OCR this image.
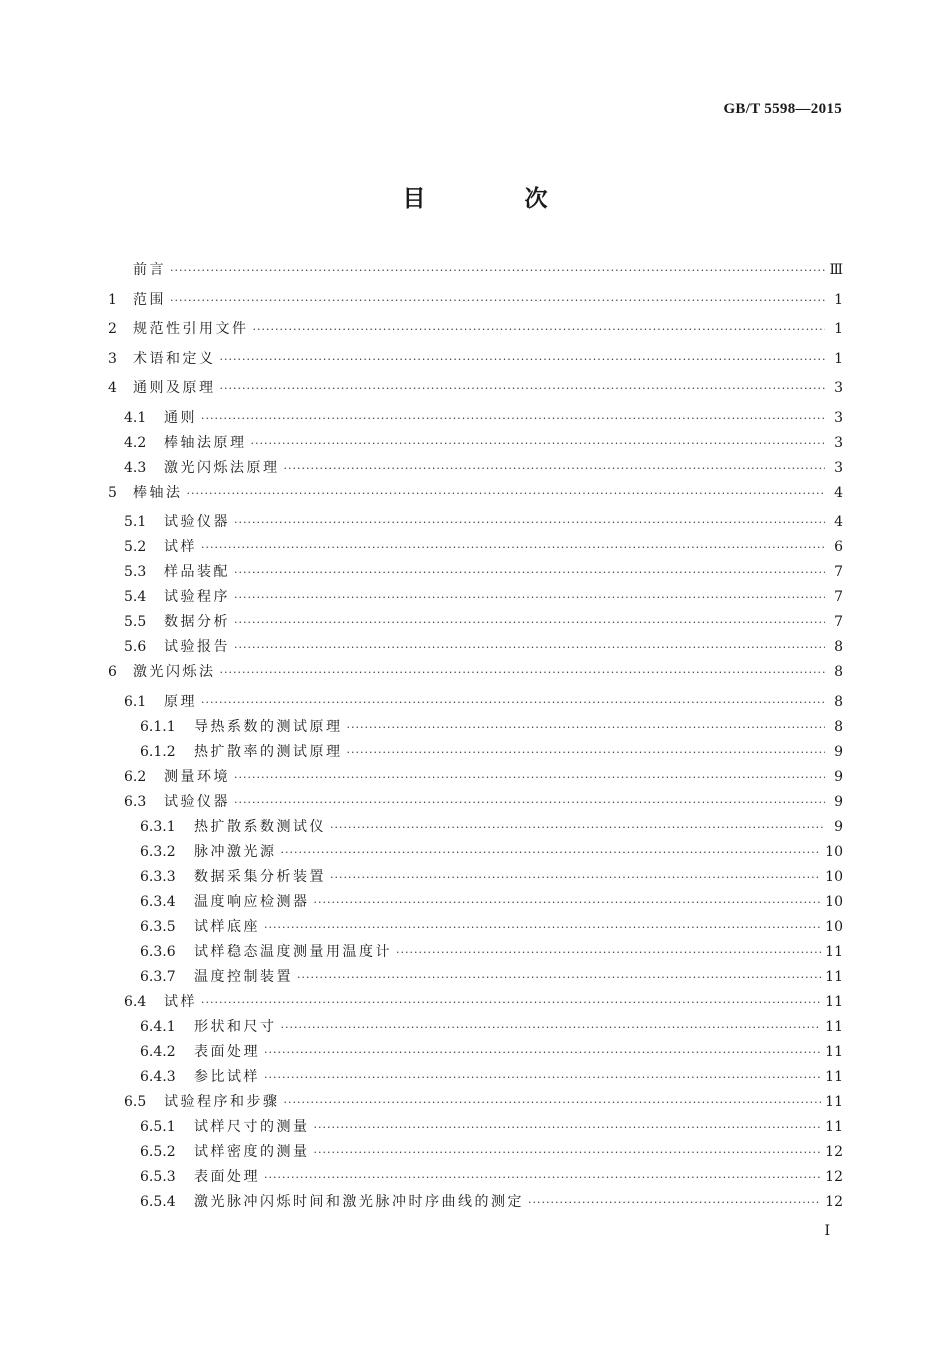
GB/T 5598—2015
目　次
前言 ·····	Ⅲ
1	范围 ·····	1
2	规范性引用文件 ·····	1
3	术语和定义 ·····	1
4	通则及原理 ·····	3
4.1	通则 ·····	3
4.2	棒轴法原理 ·····	3
4.3	激光闪烁法原理 ·····	3
5	棒轴法 ·····	4
5.1	试验仪器 ·····	4
5.2	试样 ·····	6
5.3	样品装配 ·····	7
5.4	试验程序 ·····	7
5.5	数据分析 ·····	7
5.6	试验报告 ·····	8
6	激光闪烁法 ·····	8
6.1	原理 ·····	8
6.1.1	导热系数的测试原理 ·····	8
6.1.2	热扩散率的测试原理 ·····	9
6.2	测量环境 ·····	9
6.3	试验仪器 ·····	9
6.3.1	热扩散系数测试仪 ·····	9
6.3.2	脉冲激光源 ·····	10
6.3.3	数据采集分析装置 ·····	10
6.3.4	温度响应检测器 ·····	10
6.3.5	试样底座 ·····	10
6.3.6	试样稳态温度测量用温度计 ·····	11
6.3.7	温度控制装置 ·····	11
6.4	试样 ·····	11
6.4.1	形状和尺寸 ·····	11
6.4.2	表面处理 ·····	11
6.4.3	参比试样 ·····	11
6.5	试验程序和步骤 ·····	11
6.5.1	试样尺寸的测量 ·····	11
6.5.2	试样密度的测量 ·····	12
6.5.3	表面处理 ·····	12
6.5.4	激光脉冲闪烁时间和激光脉冲时序曲线的测定 ·····	12
I
